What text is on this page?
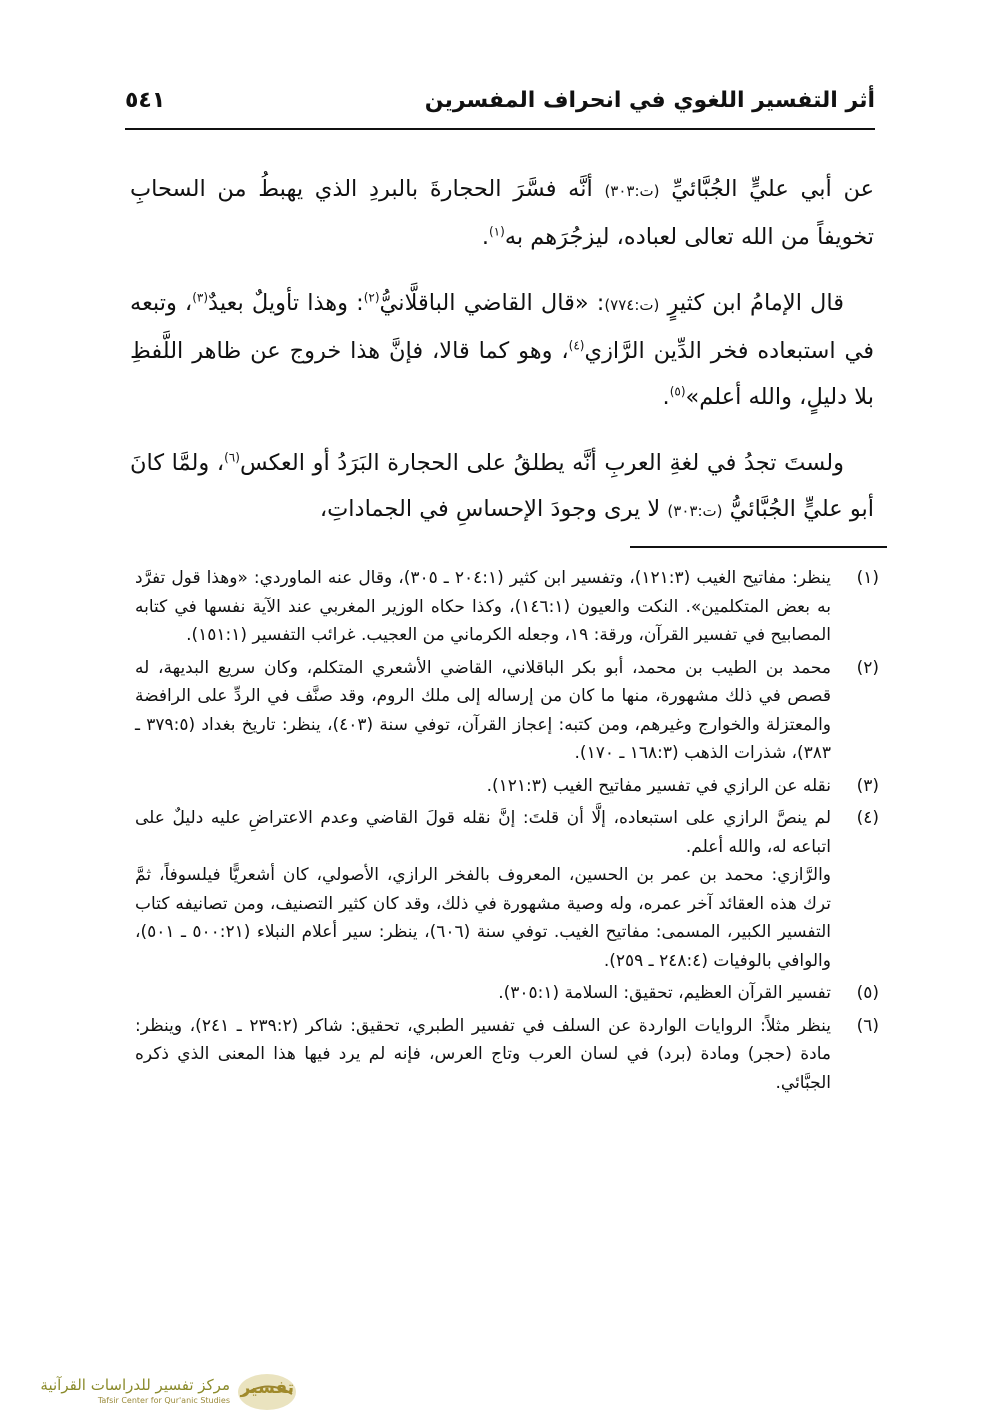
أثر التفسير اللغوي في انحراف المفسرين
٥٤١

عن أبي عليٍّ الجُبَّائيِّ (ت:٣٠٣) أنَّه فسَّرَ الحجارةَ بالبردِ الذي يهبطُ من السحابِ تخويفاً من الله تعالى لعباده، ليزجُرَهم به$^{(١)}$.

قال الإمامُ ابن كثيرٍ (ت:٧٧٤): «قال القاضي الباقلَّانيُّ$^{(٢)}$: وهذا تأويلٌ بعيدٌ$^{(٣)}$، وتبعه في استبعاده فخر الدِّين الرَّازي$^{(٤)}$، وهو كما قالا، فإنَّ هذا خروج عن ظاهر اللَّفظِ بلا دليلٍ، والله أعلم»$^{(٥)}$.

ولستَ تجدُ في لغةِ العربِ أنَّه يطلقُ على الحجارة البَرَدُ أو العكس$^{(٦)}$، ولمَّا كانَ أبو عليٍّ الجُبَّائيُّ (ت:٣٠٣) لا يرى وجودَ الإحساسِ في الجماداتِ،

(١)

ينظر: مفاتيح الغيب (١٢١:٣)، وتفسير ابن كثير (٢٠٤:١ ـ ٣٠٥)، وقال عنه الماوردي: «وهذا قول تفرَّد به بعض المتكلمين». النكت والعيون (١٤٦:١)، وكذا حكاه الوزير المغربي عند الآية نفسها في كتابه المصابيح في تفسير القرآن، ورقة: ١٩، وجعله الكرماني من العجيب. غرائب التفسير (١٥١:١).

(٢)

محمد بن الطيب بن محمد، أبو بكر الباقلاني، القاضي الأشعري المتكلم، وكان سريع البديهة، له قصص في ذلك مشهورة، منها ما كان من إرساله إلى ملك الروم، وقد صنَّف في الردِّ على الرافضة والمعتزلة والخوارج وغيرهم، ومن كتبه: إعجاز القرآن، توفي سنة (٤٠٣)، ينظر: تاريخ بغداد (٣٧٩:٥ ـ ٣٨٣)، شذرات الذهب (١٦٨:٣ ـ ١٧٠).

(٣)

نقله عن الرازي في تفسير مفاتيح الغيب (١٢١:٣).

(٤)

لم ينصَّ الرازي على استبعاده، إلَّا أن قلتَ: إنَّ نقله قولَ القاضي وعدم الاعتراضِ عليه دليلٌ على اتباعه له، والله أعلم.

والرَّازي: محمد بن عمر بن الحسين، المعروف بالفخر الرازي، الأصولي، كان أشعريًّا فيلسوفاً، ثمَّ ترك هذه العقائد آخر عمره، وله وصية مشهورة في ذلك، وقد كان كثير التصنيف، ومن تصانيفه كتاب التفسير الكبير، المسمى: مفاتيح الغيب. توفي سنة (٦٠٦)، ينظر: سير أعلام النبلاء (٥٠٠:٢١ ـ ٥٠١)، والوافي بالوفيات (٢٤٨:٤ ـ ٢٥٩).

(٥)

تفسير القرآن العظيم، تحقيق: السلامة (٣٠٥:١).

(٦)

ينظر مثلاً: الروايات الواردة عن السلف في تفسير الطبري، تحقيق: شاكر (٢٣٩:٢ ـ ٢٤١)، وينظر: مادة (حجر) ومادة (برد) في لسان العرب وتاج العرس، فإنه لم يرد فيها هذا المعنى الذي ذكره الجبَّائي.

تفسير
مركز تفسير للدراسات القرآنية
Tafsir Center for Qur'anic Studies
